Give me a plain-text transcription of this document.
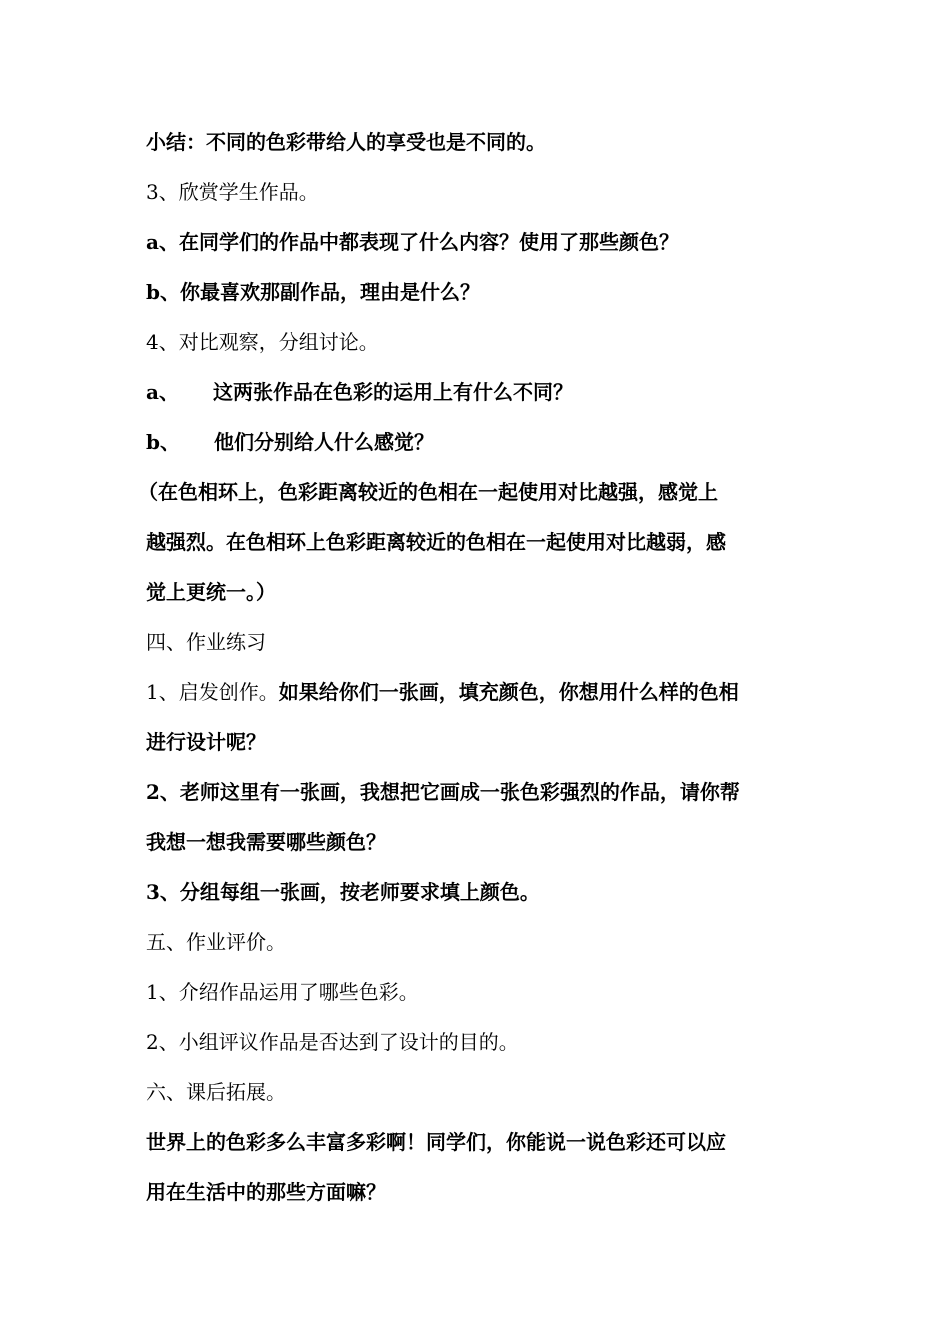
小结：不同的色彩带给人的享受也是不同的。
3、欣赏学生作品。
a、在同学们的作品中都表现了什么内容？使用了那些颜色？
b、你最喜欢那副作品，理由是什么？
4、对比观察，分组讨论。
a、 这两张作品在色彩的运用上有什么不同？
b、 他们分别给人什么感觉？
（在色相环上，色彩距离较近的色相在一起使用对比越强，感觉上
越强烈。在色相环上色彩距离较近的色相在一起使用对比越弱，感
觉上更统一。）
四、作业练习
1、启发创作。如果给你们一张画，填充颜色，你想用什么样的色相
进行设计呢？
2、老师这里有一张画，我想把它画成一张色彩强烈的作品，请你帮
我想一想我需要哪些颜色？
3、分组每组一张画，按老师要求填上颜色。
五、作业评价。
1、介绍作品运用了哪些色彩。
2、小组评议作品是否达到了设计的目的。
六、课后拓展。
世界上的色彩多么丰富多彩啊！同学们，你能说一说色彩还可以应
用在生活中的那些方面嘛？
